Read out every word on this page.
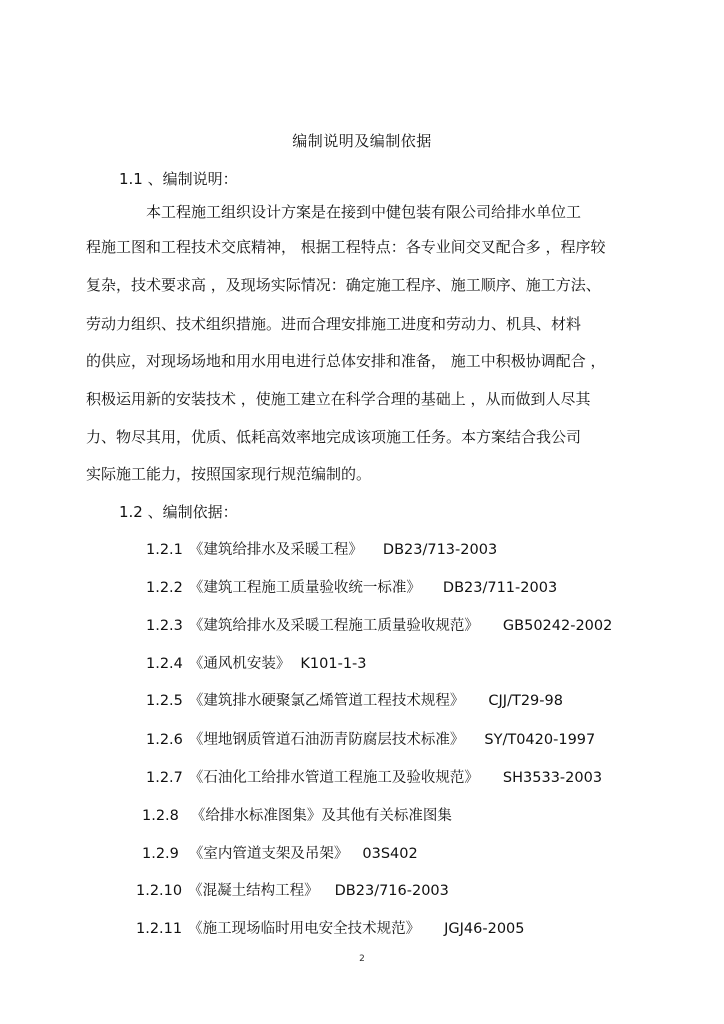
编制说明及编制依据
1.1 、编制说明：
本工程施工组织设计方案是在接到中健包装有限公司给排水单位工
程施工图和工程技术交底精神， 根据工程特点：各专业间交叉配合多 ，程序较
复杂，技术要求高 ，及现场实际情况：确定施工程序、施工顺序、施工方法、
劳动力组织、技术组织措施。进而合理安排施工进度和劳动力、机具、材料
的供应，对现场场地和用水用电进行总体安排和准备， 施工中积极协调配合 ，
积极运用新的安装技术 ，使施工建立在科学合理的基础上 ，从而做到人尽其
力、物尽其用，优质、低耗高效率地完成该项施工任务。本方案结合我公司
实际施工能力，按照国家现行规范编制的。
1.2 、编制依据：
1.2.1 《建筑给排水及采暖工程》 DB23/713-2003
1.2.2 《建筑工程施工质量验收统一标准》 DB23/711-2003
1.2.3 《建筑给排水及采暖工程施工质量验收规范》 GB50242-2002
1.2.4 《通风机安装》 K101-1-3
1.2.5 《建筑排水硬聚氯乙烯管道工程技术规程》 CJJ/T29-98
1.2.6 《埋地钢质管道石油沥青防腐层技术标准》 SY/T0420-1997
1.2.7 《石油化工给排水管道工程施工及验收规范》 SH3533-2003
1.2.8 《给排水标准图集》及其他有关标准图集
1.2.9 《室内管道支架及吊架》 03S402
1.2.10 《混凝土结构工程》 DB23/716-2003
1.2.11 《施工现场临时用电安全技术规范》 JGJ46-2005
2
